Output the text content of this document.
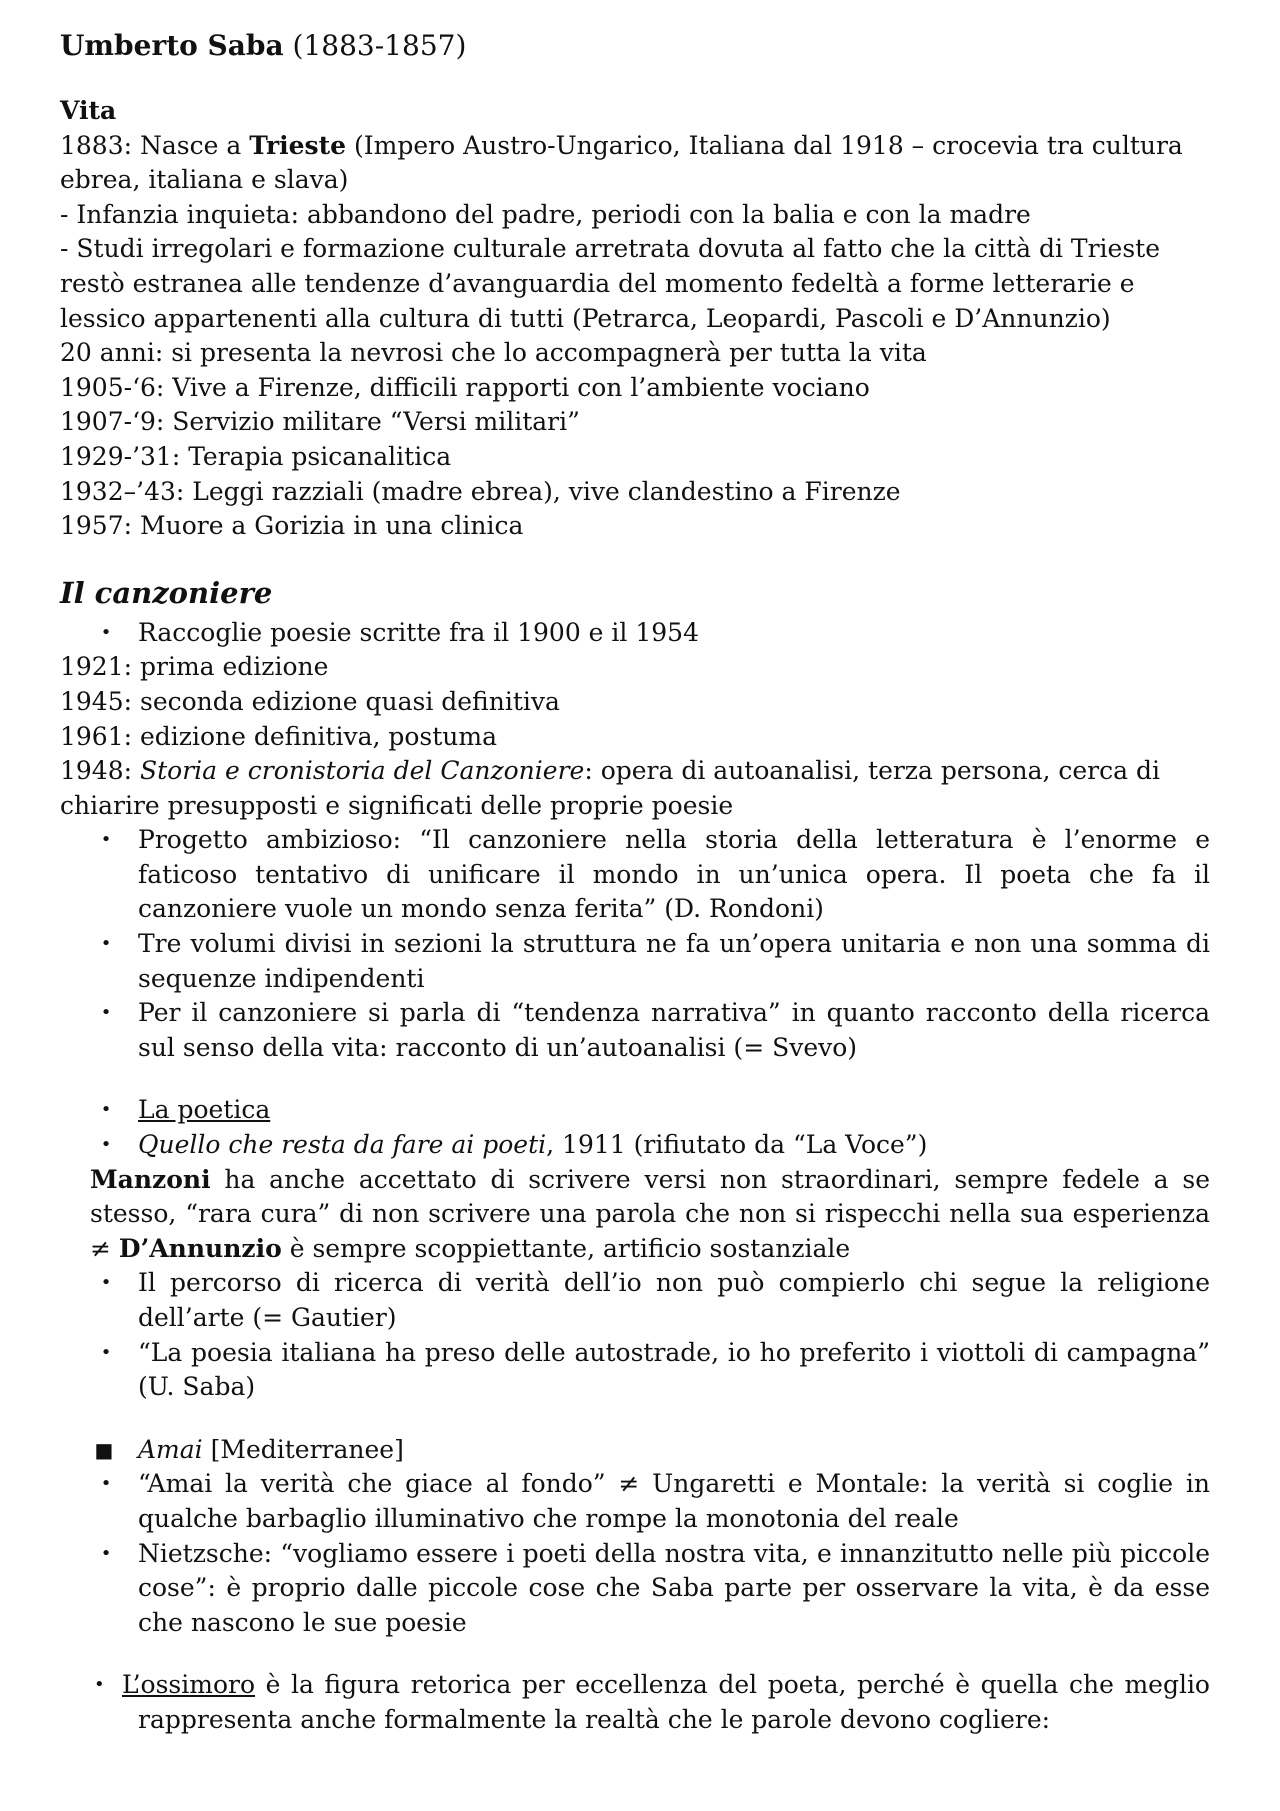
Umberto Saba (1883-1857)

Vita

1883: Nasce a Trieste (Impero Austro-Ungarico, Italiana dal 1918 – crocevia tra cultura ebrea, italiana e slava)

- Infanzia inquieta: abbandono del padre, periodi con la balia e con la madre

- Studi irregolari e formazione culturale arretrata dovuta al fatto che la città di Trieste restò estranea alle tendenze d’avanguardia del momento fedeltà a forme letterarie e lessico appartenenti alla cultura di tutti (Petrarca, Leopardi, Pascoli e D’Annunzio)

20 anni: si presenta la nevrosi che lo accompagnerà per tutta la vita

1905-‘6: Vive a Firenze, difficili rapporti con l’ambiente vociano

1907-‘9: Servizio militare “Versi militari”

1929-’31: Terapia psicanalitica

1932–’43: Leggi razziali (madre ebrea), vive clandestino a Firenze

1957: Muore a Gorizia in una clinica

Il canzoniere

• Raccoglie poesie scritte fra il 1900 e il 1954

1921: prima edizione

1945: seconda edizione quasi definitiva

1961: edizione definitiva, postuma

1948: Storia e cronistoria del Canzoniere: opera di autoanalisi, terza persona, cerca di chiarire presupposti e significati delle proprie poesie

• Progetto ambizioso: “Il canzoniere nella storia della letteratura è l’enorme e faticoso tentativo di unificare il mondo in un’unica opera. Il poeta che fa il canzoniere vuole un mondo senza ferita” (D. Rondoni)
• Tre volumi divisi in sezioni la struttura ne fa un’opera unitaria e non una somma di sequenze indipendenti
• Per il canzoniere si parla di “tendenza narrativa” in quanto racconto della ricerca sul senso della vita: racconto di un’autoanalisi (= Svevo)
• La poetica
• Quello che resta da fare ai poeti, 1911 (rifiutato da “La Voce”)

Manzoni ha anche accettato di scrivere versi non straordinari, sempre fedele a se stesso, “rara cura” di non scrivere una parola che non si rispecchi nella sua esperienza ≠ D’Annunzio è sempre scoppiettante, artificio sostanziale

• Il percorso di ricerca di verità dell’io non può compierlo chi segue la religione dell’arte (= Gautier)
• “La poesia italiana ha preso delle autostrade, io ho preferito i viottoli di campagna” (U. Saba)
■ Amai [Mediterranee]
• “Amai la verità che giace al fondo” ≠ Ungaretti e Montale: la verità si coglie in qualche barbaglio illuminativo che rompe la monotonia del reale
• Nietzsche: “vogliamo essere i poeti della nostra vita, e innanzitutto nelle più piccole cose”: è proprio dalle piccole cose che Saba parte per osservare la vita, è da esse che nascono le sue poesie

• L’ossimoro è la figura retorica per eccellenza del poeta, perché è quella che meglio rappresenta anche formalmente la realtà che le parole devono cogliere:
